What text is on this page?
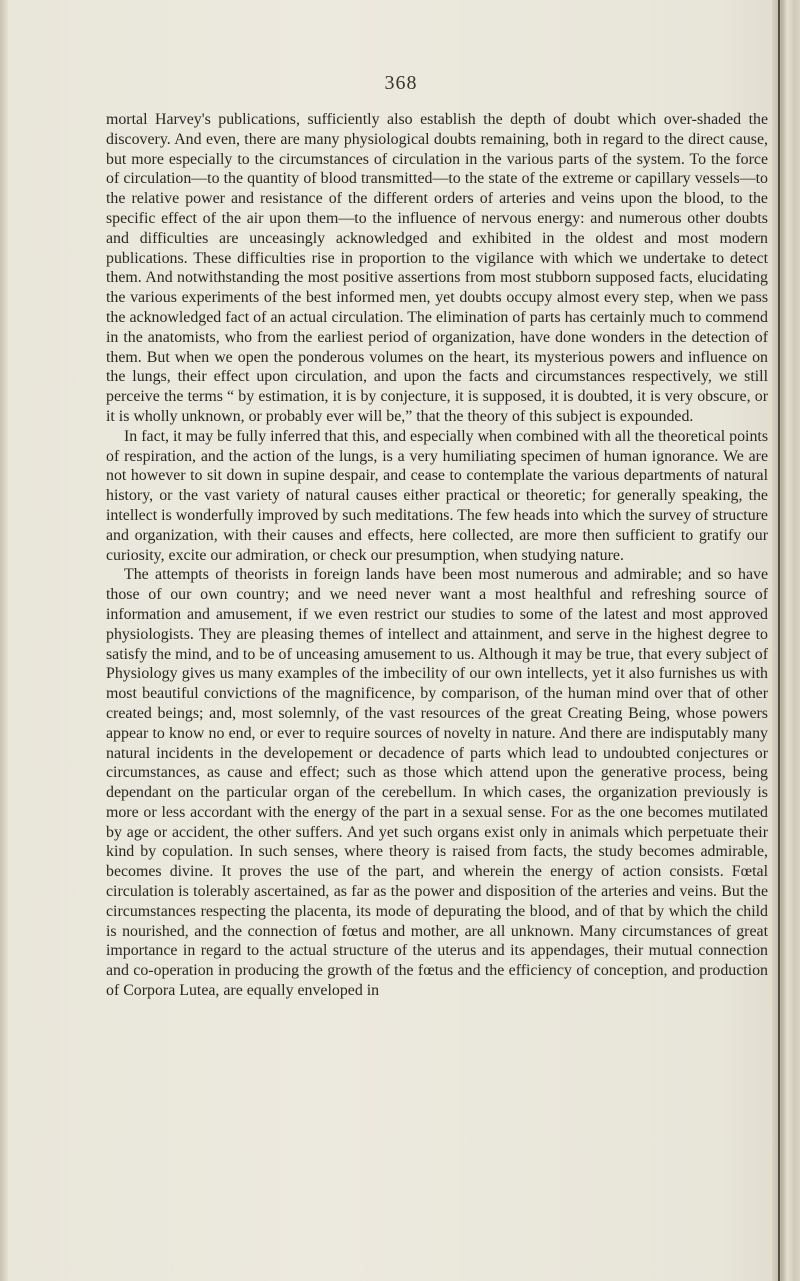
368

mortal Harvey's publications, sufficiently also establish the depth of doubt which over-shaded the discovery. And even, there are many physiological doubts remaining, both in regard to the direct cause, but more especially to the circumstances of circulation in the various parts of the system. To the force of circulation—to the quantity of blood transmitted—to the state of the extreme or capillary vessels—to the relative power and resistance of the different orders of arteries and veins upon the blood, to the specific effect of the air upon them—to the influence of nervous energy: and numerous other doubts and difficulties are unceasingly acknowledged and exhibited in the oldest and most modern publications. These difficulties rise in proportion to the vigilance with which we undertake to detect them. And notwithstanding the most positive assertions from most stubborn supposed facts, elucidating the various experiments of the best informed men, yet doubts occupy almost every step, when we pass the acknowledged fact of an actual circulation. The elimination of parts has certainly much to commend in the anatomists, who from the earliest period of organization, have done wonders in the detection of them. But when we open the ponderous volumes on the heart, its mysterious powers and influence on the lungs, their effect upon circulation, and upon the facts and circumstances respectively, we still perceive the terms “ by estimation, it is by conjecture, it is supposed, it is doubted, it is very obscure, or it is wholly unknown, or probably ever will be,” that the theory of this subject is expounded.

In fact, it may be fully inferred that this, and especially when combined with all the theoretical points of respiration, and the action of the lungs, is a very humiliating specimen of human ignorance. We are not however to sit down in supine despair, and cease to contemplate the various departments of natural history, or the vast variety of natural causes either practical or theoretic; for generally speaking, the intellect is wonderfully improved by such meditations. The few heads into which the survey of structure and organization, with their causes and effects, here collected, are more then sufficient to gratify our curiosity, excite our admiration, or check our presumption, when studying nature.

The attempts of theorists in foreign lands have been most numerous and admirable; and so have those of our own country; and we need never want a most healthful and refreshing source of information and amusement, if we even restrict our studies to some of the latest and most approved physiologists. They are pleasing themes of intellect and attainment, and serve in the highest degree to satisfy the mind, and to be of unceasing amusement to us. Although it may be true, that every subject of Physiology gives us many examples of the imbecility of our own intellects, yet it also furnishes us with most beautiful convictions of the magnificence, by comparison, of the human mind over that of other created beings; and, most solemnly, of the vast resources of the great Creating Being, whose powers appear to know no end, or ever to require sources of novelty in nature. And there are indisputably many natural incidents in the developement or decadence of parts which lead to undoubted conjectures or circumstances, as cause and effect; such as those which attend upon the generative process, being dependant on the particular organ of the cerebellum. In which cases, the organization previously is more or less accordant with the energy of the part in a sexual sense. For as the one becomes mutilated by age or accident, the other suffers. And yet such organs exist only in animals which perpetuate their kind by copulation. In such senses, where theory is raised from facts, the study becomes admirable, becomes divine. It proves the use of the part, and wherein the energy of action consists. Fœtal circulation is tolerably ascertained, as far as the power and disposition of the arteries and veins. But the circumstances respecting the placenta, its mode of depurating the blood, and of that by which the child is nourished, and the connection of fœtus and mother, are all unknown. Many circumstances of great importance in regard to the actual structure of the uterus and its appendages, their mutual connection and co-operation in producing the growth of the fœtus and the efficiency of conception, and production of Corpora Lutea, are equally enveloped in
